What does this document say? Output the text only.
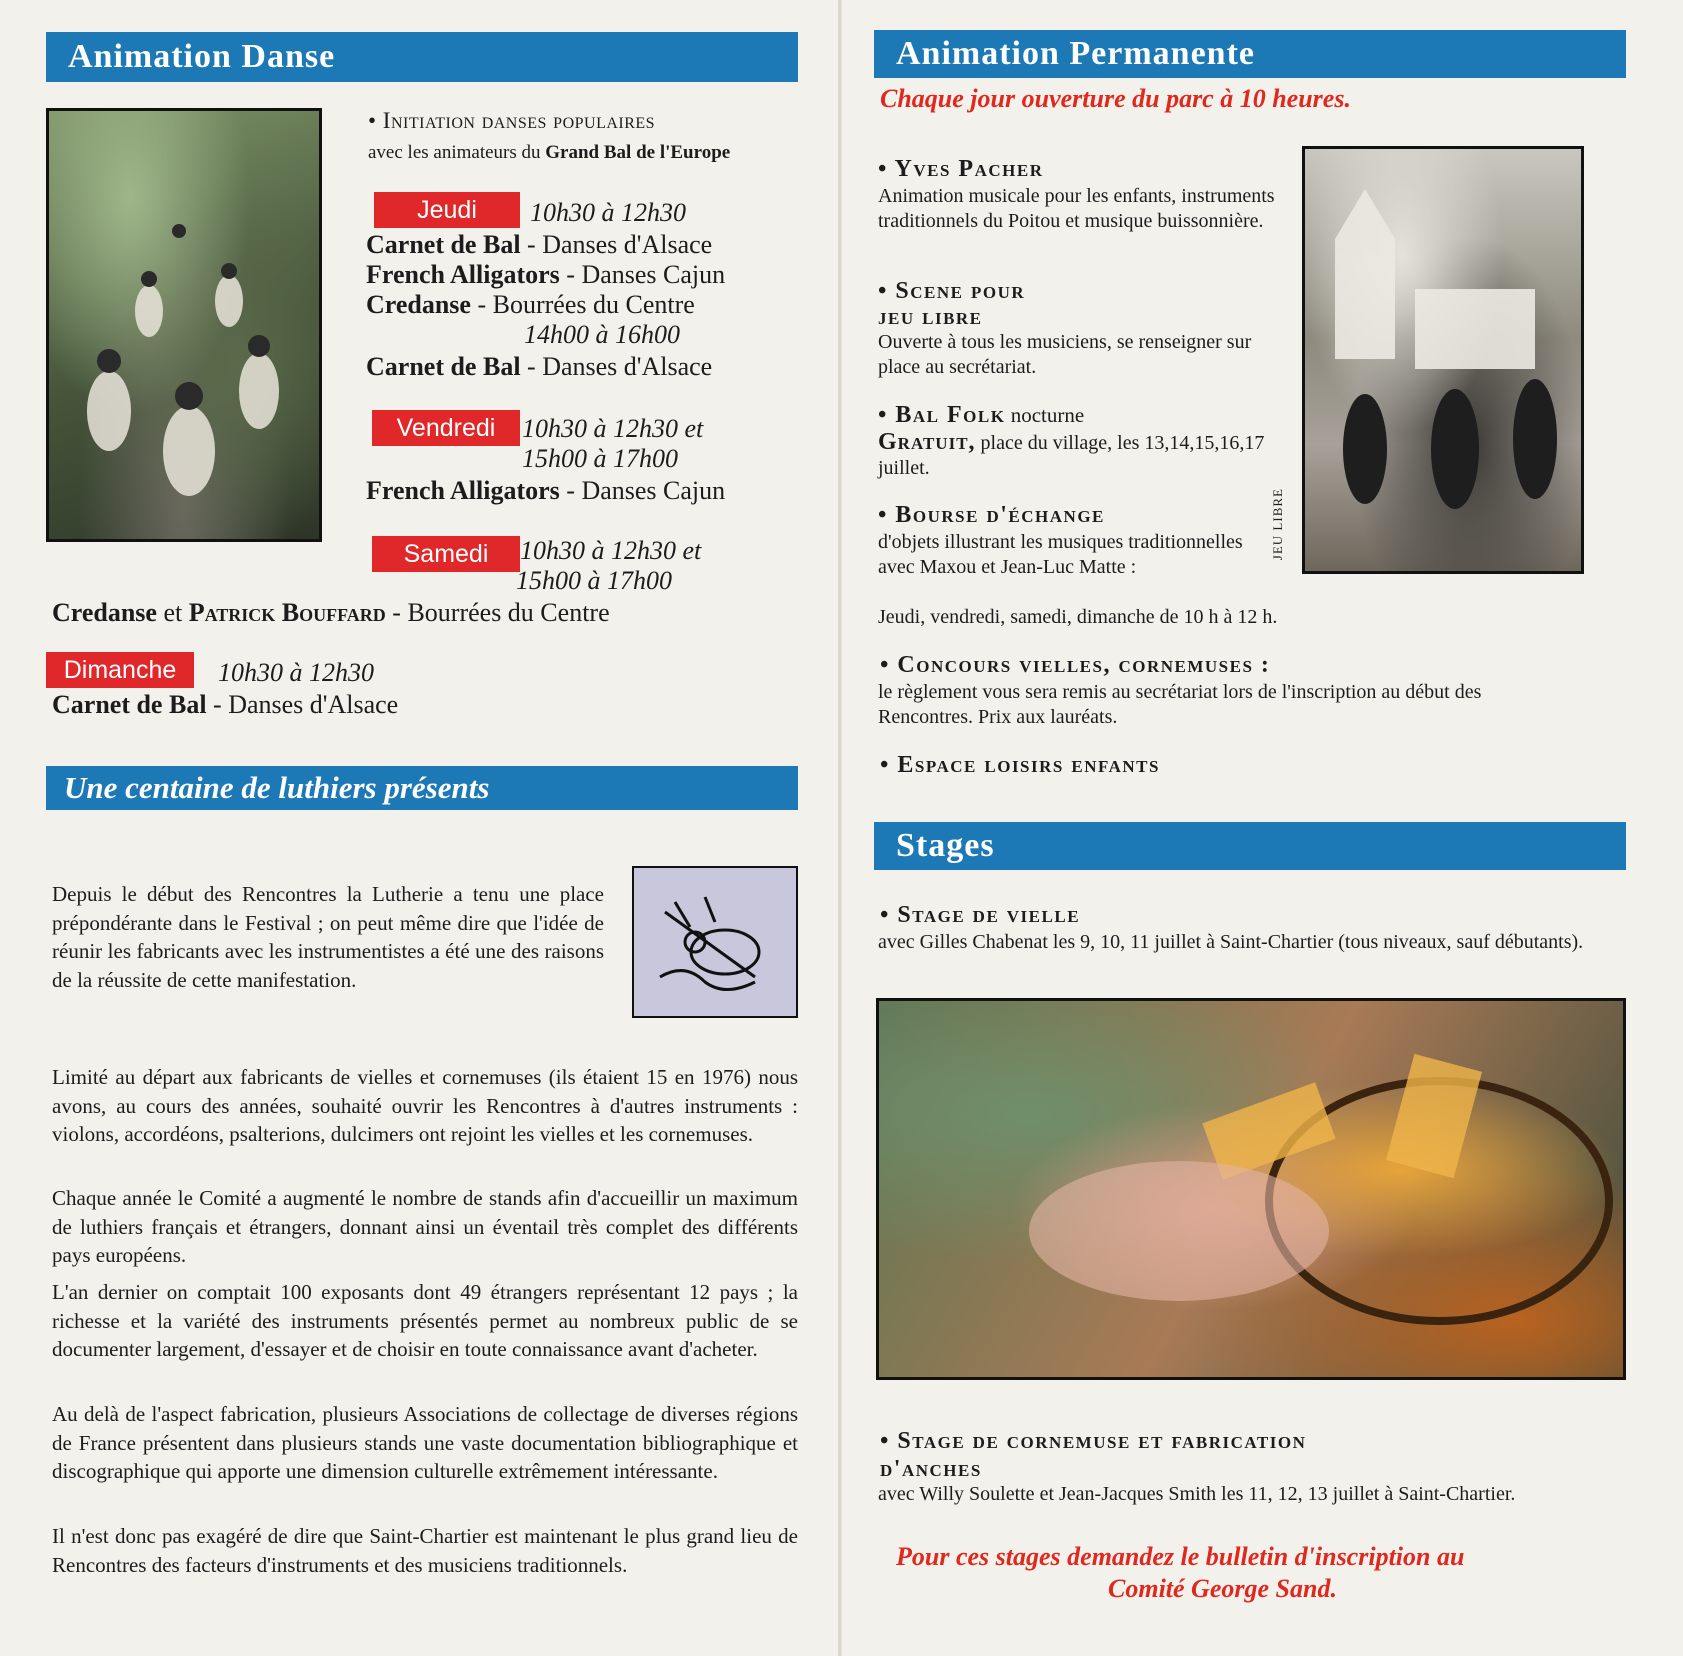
Animation Danse
• Initiation danses populaires
avec les animateurs du Grand Bal de l'Europe
Jeudi	10h30 à 12h30
Carnet de Bal - Danses d'Alsace
French Alligators - Danses Cajun
Credanse - Bourrées du Centre
14h00 à 16h00
Carnet de Bal - Danses d'Alsace
Vendredi	10h30 à 12h30 et
15h00 à 17h00
French Alligators - Danses Cajun
Samedi	10h30 à 12h30 et
15h00 à 17h00
Credanse et Patrick Bouffard - Bourrées du Centre
Dimanche	10h30 à 12h30
Carnet de Bal - Danses d'Alsace
Une centaine de luthiers présents
Depuis le début des Rencontres la Lutherie a tenu une place prépondérante dans le Festival ; on peut même dire que l'idée de réunir les fabricants avec les instrumentistes a été une des raisons de la réussite de cette manifestation.
Limité au départ aux fabricants de vielles et cornemuses (ils étaient 15 en 1976) nous avons, au cours des années, souhaité ouvrir les Rencontres à d'autres instruments : violons, accordéons, psalterions, dulcimers ont rejoint les vielles et les cornemuses.
Chaque année le Comité a augmenté le nombre de stands afin d'accueillir un maximum de luthiers français et étrangers, donnant ainsi un éventail très complet des différents pays européens.
L'an dernier on comptait 100 exposants dont 49 étrangers représentant 12 pays ; la richesse et la variété des instruments présentés permet au nombreux public de se documenter largement, d'essayer et de choisir en toute connaissance avant d'acheter.
Au delà de l'aspect fabrication, plusieurs Associations de collectage de diverses régions de France présentent dans plusieurs stands une vaste documentation bibliographique et discographique qui apporte une dimension culturelle extrêmement intéressante.
Il n'est donc pas exagéré de dire que Saint-Chartier est maintenant le plus grand lieu de Rencontres des facteurs d'instruments et des musiciens traditionnels.
Animation Permanente
Chaque jour ouverture du parc à 10 heures.
JEU LIBRE
• Yves Pacher
Animation musicale pour les enfants, instruments traditionnels du Poitou et musique buissonnière.
• Scene pour
jeu libre
Ouverte à tous les musiciens, se renseigner sur place au secrétariat.
• Bal Folk nocturne
Gratuit, place du village, les 13,14,15,16,17 juillet.
• Bourse d'échange
d'objets illustrant les musiques traditionnelles avec Maxou et Jean-Luc Matte :
Jeudi, vendredi, samedi, dimanche de 10 h à 12 h.
• Concours vielles, cornemuses :
le règlement vous sera remis au secrétariat lors de l'inscription au début des Rencontres. Prix aux lauréats.
• Espace loisirs enfants
Stages
• Stage de vielle
avec Gilles Chabenat les 9, 10, 11 juillet à Saint-Chartier (tous niveaux, sauf débutants).
• Stage de cornemuse et fabrication
d'anches
avec Willy Soulette et Jean-Jacques Smith les 11, 12, 13 juillet à Saint-Chartier.
Pour ces stages demandez le bulletin d'inscription au
Comité George Sand.
